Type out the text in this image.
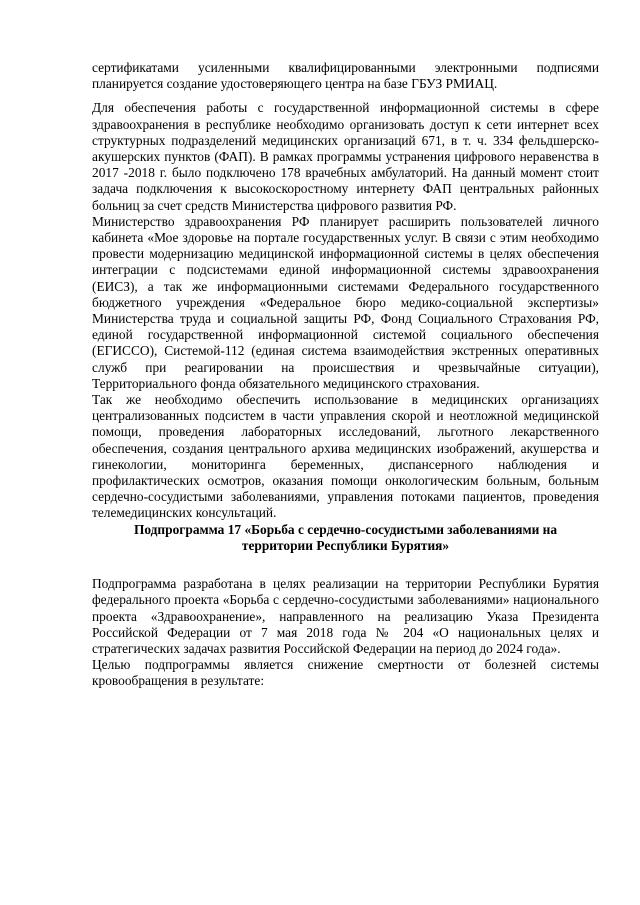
сертификатами усиленными квалифицированными электронными подписями планируется создание удостоверяющего центра на базе ГБУЗ РМИАЦ.

Для обеспечения работы с государственной информационной системы в сфере здравоохранения в республике необходимо организовать доступ к сети интернет всех структурных подразделений медицинских организаций 671, в т. ч. 334 фельдшерско-акушерских пунктов (ФАП). В рамках программы устранения цифрового неравенства в 2017 -2018 г. было подключено 178 врачебных амбулаторий. На данный момент стоит задача подключения к высокоскоростному интернету ФАП центральных районных больниц за счет средств Министерства цифрового развития РФ.

Министерство здравоохранения РФ планирует расширить пользователей личного кабинета «Мое здоровье на портале государственных услуг. В связи с этим необходимо провести модернизацию медицинской информационной системы в целях обеспечения интеграции с подсистемами единой информационной системы здравоохранения (ЕИСЗ), а так же информационными системами Федерального государственного бюджетного учреждения «Федеральное бюро медико-социальной экспертизы» Министерства труда и социальной защиты РФ, Фонд Социального Страхования РФ, единой государственной информационной системой социального обеспечения (ЕГИССО), Системой-112 (единая система взаимодействия экстренных оперативных служб при реагировании на происшествия и чрезвычайные ситуации), Территориального фонда обязательного медицинского страхования.

Так же необходимо обеспечить использование в медицинских организациях централизованных подсистем в части управления скорой и неотложной медицинской помощи, проведения лабораторных исследований, льготного лекарственного обеспечения, создания центрального архива медицинских изображений, акушерства и гинекологии, мониторинга беременных, диспансерного наблюдения и профилактических осмотров, оказания помощи онкологическим больным, больным сердечно-сосудистыми заболеваниями, управления потоками пациентов, проведения телемедицинских консультаций.

Подпрограмма 17 «Борьба с сердечно-сосудистыми заболеваниями на территории Республики Бурятия»

Подпрограмма разработана в целях реализации на территории Республики Бурятия федерального проекта «Борьба с сердечно-сосудистыми заболеваниями» национального проекта «Здравоохранение», направленного на реализацию Указа Президента Российской Федерации от 7 мая 2018 года № 204 «О национальных целях и стратегических задачах развития Российской Федерации на период до 2024 года».

Целью подпрограммы является снижение смертности от болезней системы кровообращения в результате:
